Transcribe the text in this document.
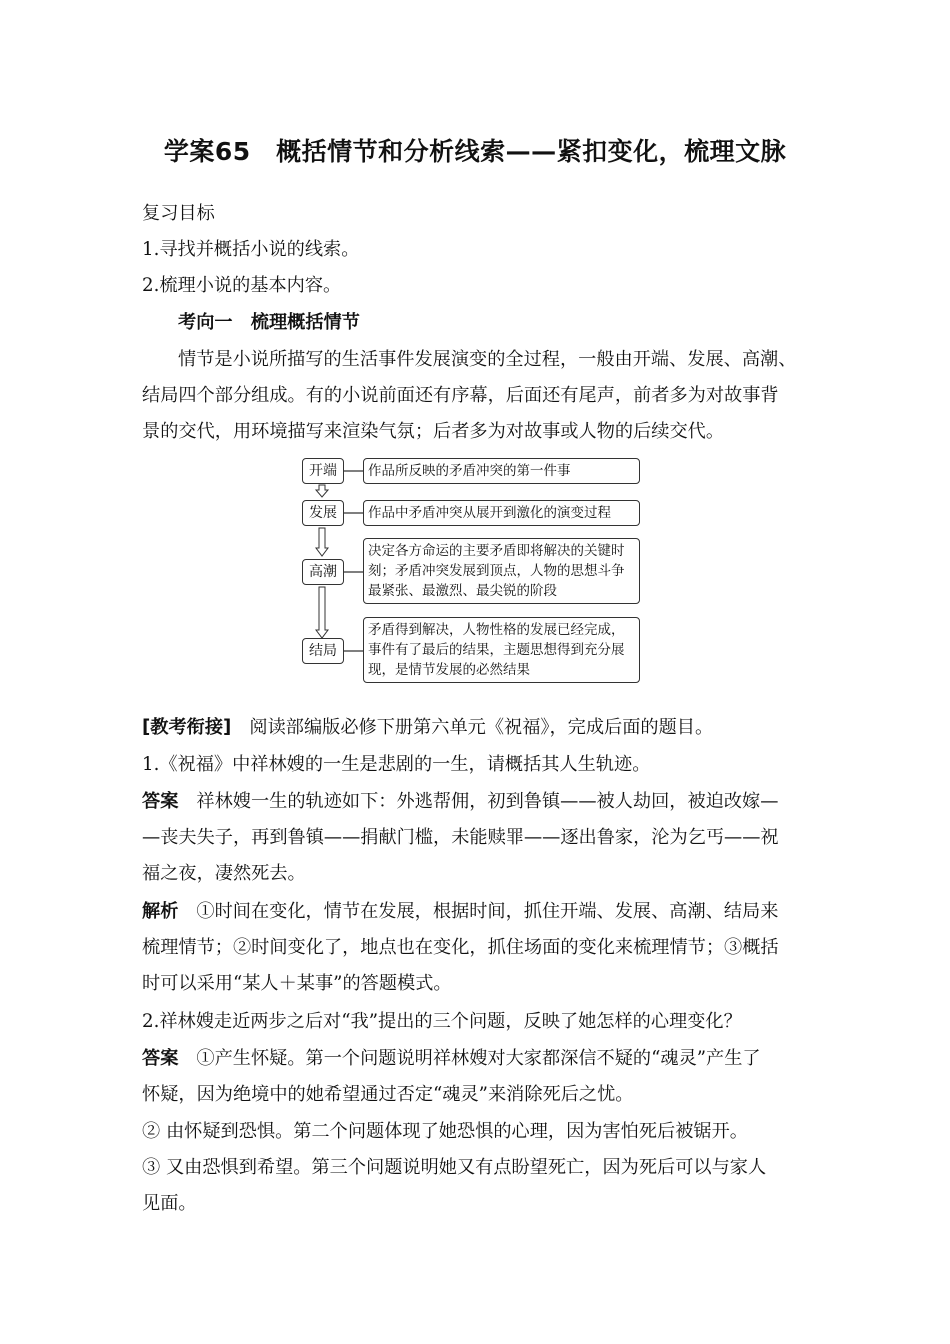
学案65　概括情节和分析线索——紧扣变化，梳理文脉
复习目标
1.寻找并概括小说的线索。
2.梳理小说的基本内容。
考向一　梳理概括情节
情节是小说所描写的生活事件发展演变的全过程，一般由开端、发展、高潮、
结局四个部分组成。有的小说前面还有序幕，后面还有尾声，前者多为对故事背
景的交代，用环境描写来渲染气氛；后者多为对故事或人物的后续交代。
开端	作品所反映的矛盾冲突的第一件事
发展	作品中矛盾冲突从展开到激化的演变过程
高潮
决定各方命运的主要矛盾即将解决的关键时刻；矛盾冲突发展到顶点，人物的思想斗争最紧张、最激烈、最尖锐的阶段
结局
矛盾得到解决，人物性格的发展已经完成，事件有了最后的结果，主题思想得到充分展现，是情节发展的必然结果
[教考衔接] 阅读部编版必修下册第六单元《祝福》，完成后面的题目。
1.《祝福》中祥林嫂的一生是悲剧的一生，请概括其人生轨迹。
答案 祥林嫂一生的轨迹如下：外逃帮佣，初到鲁镇——被人劫回，被迫改嫁—
—丧夫失子，再到鲁镇——捐献门槛，未能赎罪——逐出鲁家，沦为乞丐——祝
福之夜，凄然死去。
解析 ①时间在变化，情节在发展，根据时间，抓住开端、发展、高潮、结局来
梳理情节；②时间变化了，地点也在变化，抓住场面的变化来梳理情节；③概括
时可以采用“某人＋某事”的答题模式。
2.祥林嫂走近两步之后对“我”提出的三个问题，反映了她怎样的心理变化？
答案 ①产生怀疑。第一个问题说明祥林嫂对大家都深信不疑的“魂灵”产生了
怀疑，因为绝境中的她希望通过否定“魂灵”来消除死后之忧。
② 由怀疑到恐惧。第二个问题体现了她恐惧的心理，因为害怕死后被锯开。
③ 又由恐惧到希望。第三个问题说明她又有点盼望死亡，因为死后可以与家人
见面。
